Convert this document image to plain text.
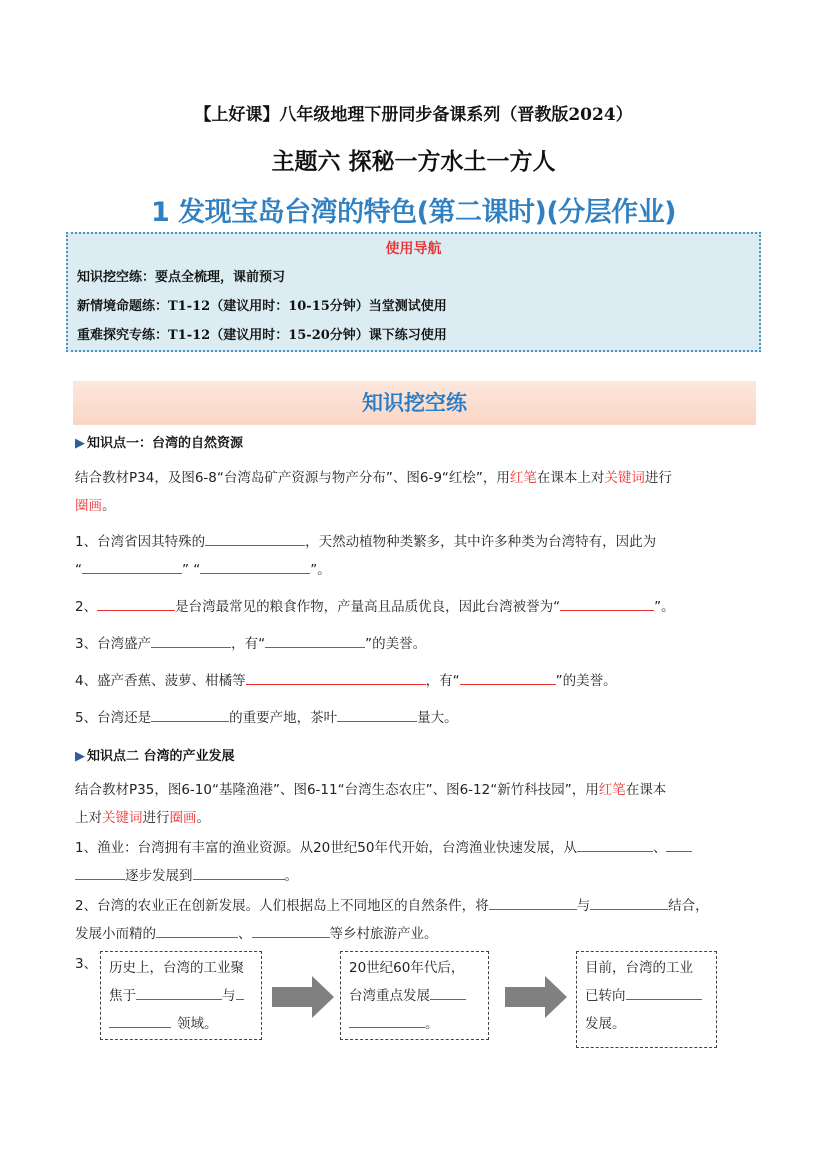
【上好课】八年级地理下册同步备课系列（晋教版2024）
主题六 探秘一方水土一方人
1 发现宝岛台湾的特色(第二课时)(分层作业)
使用导航
知识挖空练：要点全梳理，课前预习
新情境命题练：T1-12（建议用时：10-15分钟）当堂测试使用
重难探究专练：T1-12（建议用时：15-20分钟）课下练习使用
知识挖空练
▶ 知识点一：台湾的自然资源
结合教材P34，及图6-8“台湾岛矿产资源与物产分布”、图6-9“红桧”，用红笔在课本上对关键词进行
圈画。
1、台湾省因其特殊的	，天然动植物种类繁多，其中许多种类为台湾特有，因此为
“	” “	”。
2、	是台湾最常见的粮食作物，产量高且品质优良，因此台湾被誉为“	”。
3、台湾盛产	，有“	”的美誉。
4、盛产香蕉、菠萝、柑橘等	，有“	”的美誉。
5、台湾还是	的重要产地，茶叶	量大。
▶ 知识点二 台湾的产业发展
结合教材P35，图6-10“基隆渔港”、图6-11“台湾生态农庄”、图6-12“新竹科技园”，用红笔在课本
上对关键词进行圈画。
1、渔业：台湾拥有丰富的渔业资源。从20世纪50年代开始，台湾渔业快速发展，从	、
逐步发展到	。
2、台湾的农业正在创新发展。人们根据岛上不同地区的自然条件，将	与	结合，
发展小而精的	、	等乡村旅游产业。
3、 历史上，台湾的工业聚
焦于	与
领域。
20世纪60年代后，
台湾重点发展
。
目前，台湾的工业
已转向
发展。
